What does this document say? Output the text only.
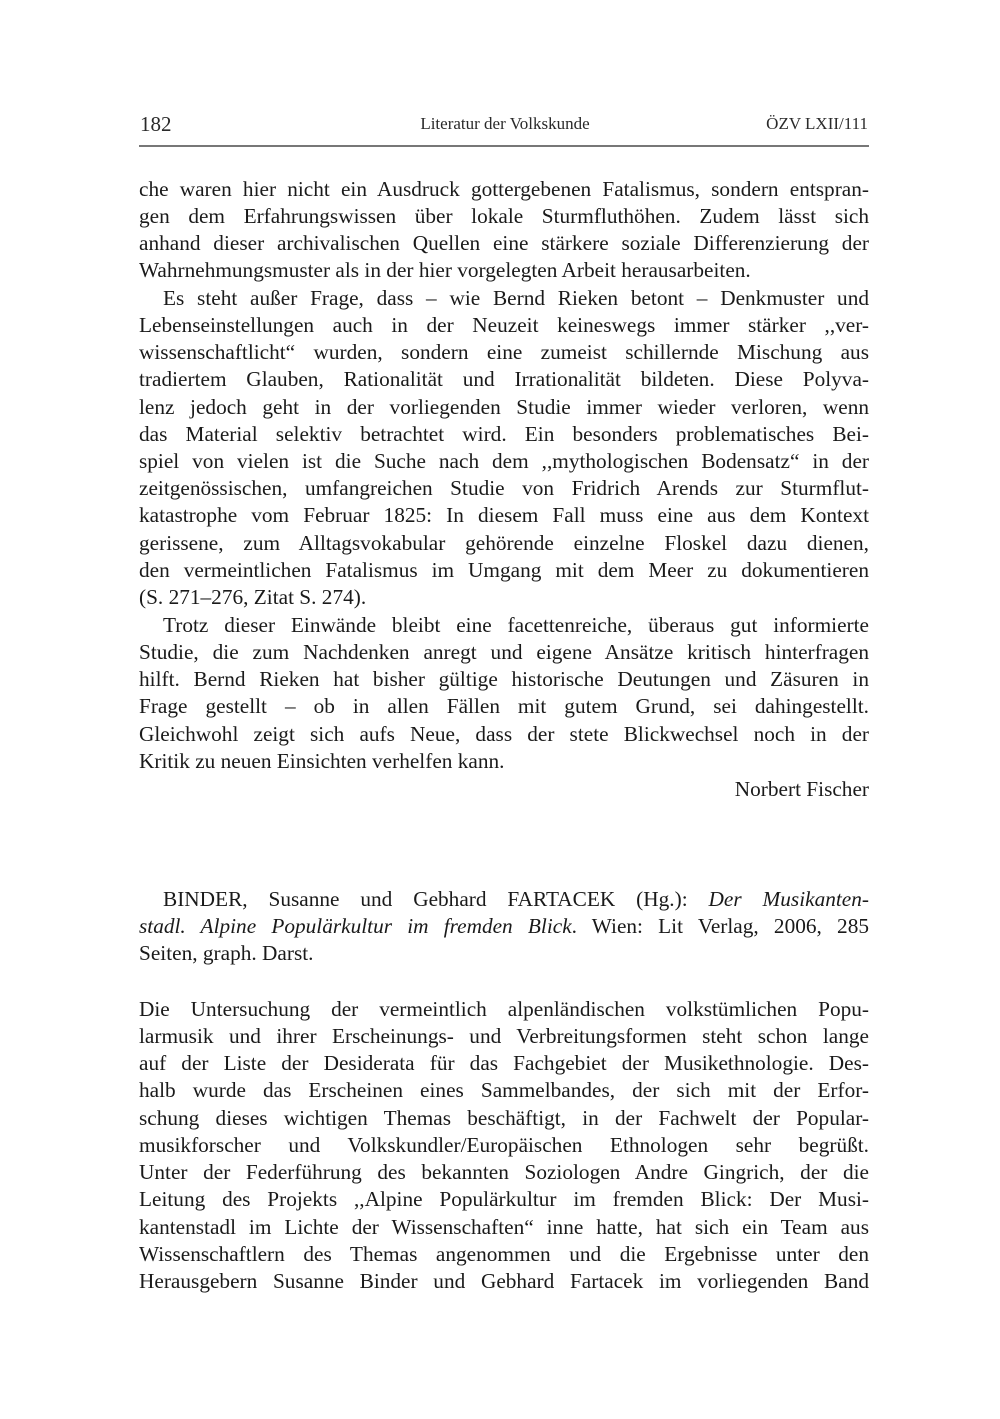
182	Literatur der Volkskunde	ÖZV LXII/111
che waren hier nicht ein Ausdruck gottergebenen Fatalismus, sondern entspran-
gen dem Erfahrungswissen über lokale Sturmfluthöhen. Zudem lässt sich
anhand dieser archivalischen Quellen eine stärkere soziale Differenzierung der
Wahrnehmungsmuster als in der hier vorgelegten Arbeit herausarbeiten.
Es steht außer Frage, dass – wie Bernd Rieken betont – Denkmuster und
Lebenseinstellungen auch in der Neuzeit keineswegs immer stärker ,,ver-
wissenschaftlicht“ wurden, sondern eine zumeist schillernde Mischung aus
tradiertem Glauben, Rationalität und Irrationalität bildeten. Diese Polyva-
lenz jedoch geht in der vorliegenden Studie immer wieder verloren, wenn
das Material selektiv betrachtet wird. Ein besonders problematisches Bei-
spiel von vielen ist die Suche nach dem ,,mythologischen Bodensatz“ in der
zeitgenössischen, umfangreichen Studie von Fridrich Arends zur Sturmflut-
katastrophe vom Februar 1825: In diesem Fall muss eine aus dem Kontext
gerissene, zum Alltagsvokabular gehörende einzelne Floskel dazu dienen,
den vermeintlichen Fatalismus im Umgang mit dem Meer zu dokumentieren
(S. 271–276, Zitat S. 274).
Trotz dieser Einwände bleibt eine facettenreiche, überaus gut informierte
Studie, die zum Nachdenken anregt und eigene Ansätze kritisch hinterfragen
hilft. Bernd Rieken hat bisher gültige historische Deutungen und Zäsuren in
Frage gestellt – ob in allen Fällen mit gutem Grund, sei dahingestellt.
Gleichwohl zeigt sich aufs Neue, dass der stete Blickwechsel noch in der
Kritik zu neuen Einsichten verhelfen kann.
Norbert Fischer
BINDER, Susanne und Gebhard FARTACEK (Hg.): Der Musikanten-
stadl. Alpine Populärkultur im fremden Blick. Wien: Lit Verlag, 2006, 285
Seiten, graph. Darst.
Die Untersuchung der vermeintlich alpenländischen volkstümlichen Popu-
larmusik und ihrer Erscheinungs- und Verbreitungsformen steht schon lange
auf der Liste der Desiderata für das Fachgebiet der Musikethnologie. Des-
halb wurde das Erscheinen eines Sammelbandes, der sich mit der Erfor-
schung dieses wichtigen Themas beschäftigt, in der Fachwelt der Popular-
musikforscher und Volkskundler/Europäischen Ethnologen sehr begrüßt.
Unter der Federführung des bekannten Soziologen Andre Gingrich, der die
Leitung des Projekts ,,Alpine Populärkultur im fremden Blick: Der Musi-
kantenstadl im Lichte der Wissenschaften“ inne hatte, hat sich ein Team aus
Wissenschaftlern des Themas angenommen und die Ergebnisse unter den
Herausgebern Susanne Binder und Gebhard Fartacek im vorliegenden Band
